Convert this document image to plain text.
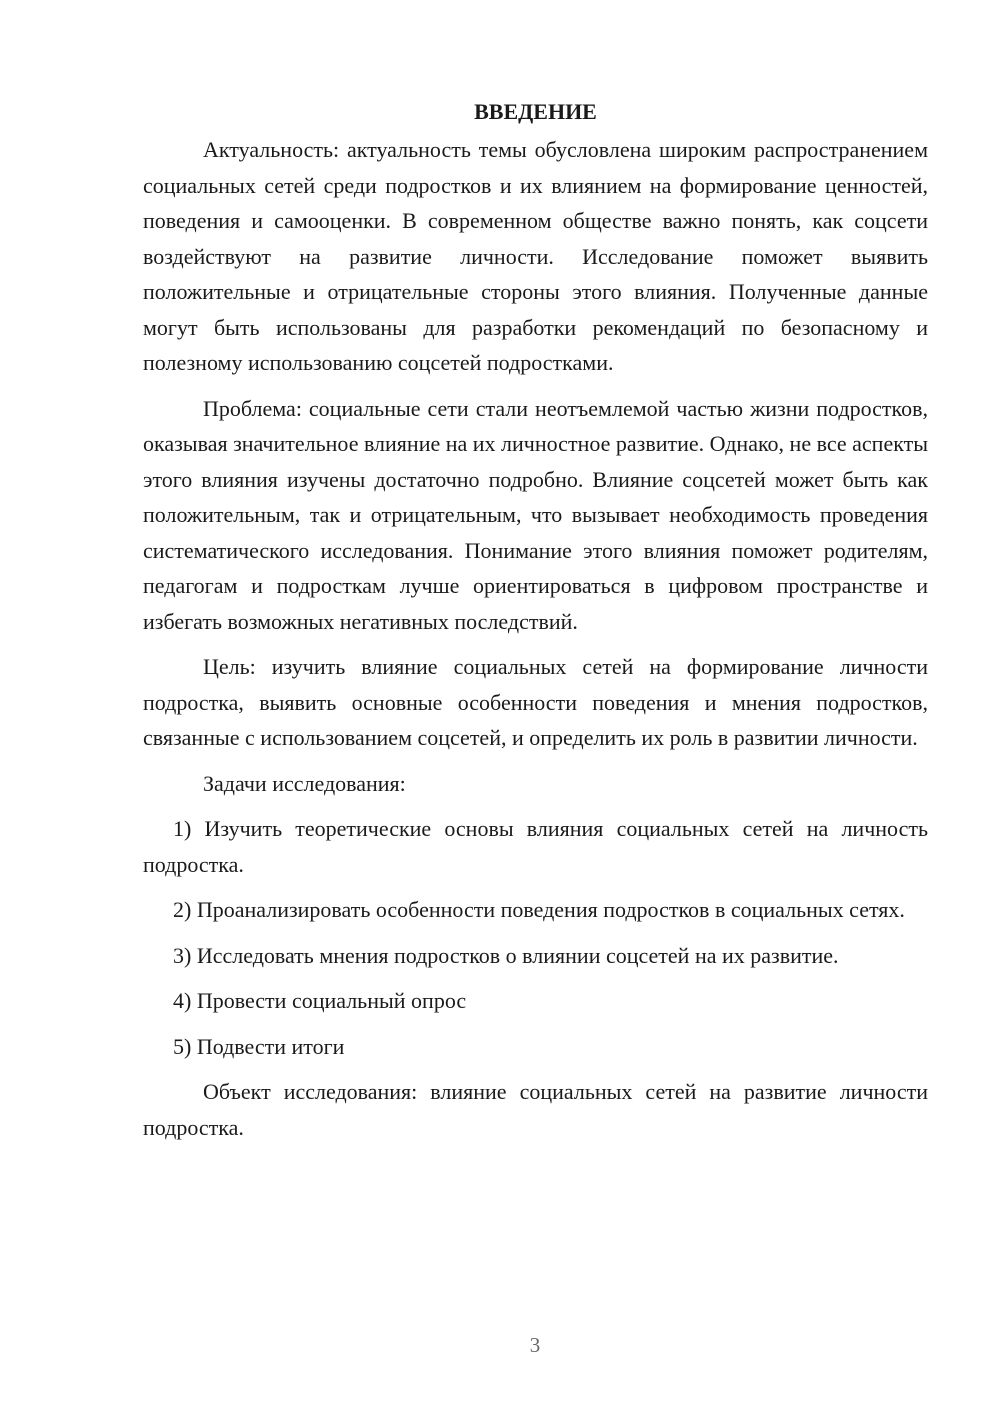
ВВЕДЕНИЕ

Актуальность: актуальность темы обусловлена широким распространением социальных сетей среди подростков и их влиянием на формирование ценностей, поведения и самооценки. В современном обществе важно понять, как соцсети воздействуют на развитие личности. Исследование поможет выявить положительные и отрицательные стороны этого влияния. Полученные данные могут быть использованы для разработки рекомендаций по безопасному и полезному использованию соцсетей подростками.

Проблема: социальные сети стали неотъемлемой частью жизни подростков, оказывая значительное влияние на их личностное развитие. Однако, не все аспекты этого влияния изучены достаточно подробно. Влияние соцсетей может быть как положительным, так и отрицательным, что вызывает необходимость проведения систематического исследования. Понимание этого влияния поможет родителям, педагогам и подросткам лучше ориентироваться в цифровом пространстве и избегать возможных негативных последствий.

Цель: изучить влияние социальных сетей на формирование личности подростка, выявить основные особенности поведения и мнения подростков, связанные с использованием соцсетей, и определить их роль в развитии личности.

Задачи исследования:

1) Изучить теоретические основы влияния социальных сетей на личность подростка.

2) Проанализировать особенности поведения подростков в социальных сетях.

3) Исследовать мнения подростков о влиянии соцсетей на их развитие.

4) Провести социальный опрос

5) Подвести итоги

Объект исследования: влияние социальных сетей на развитие личности подростка.

3
